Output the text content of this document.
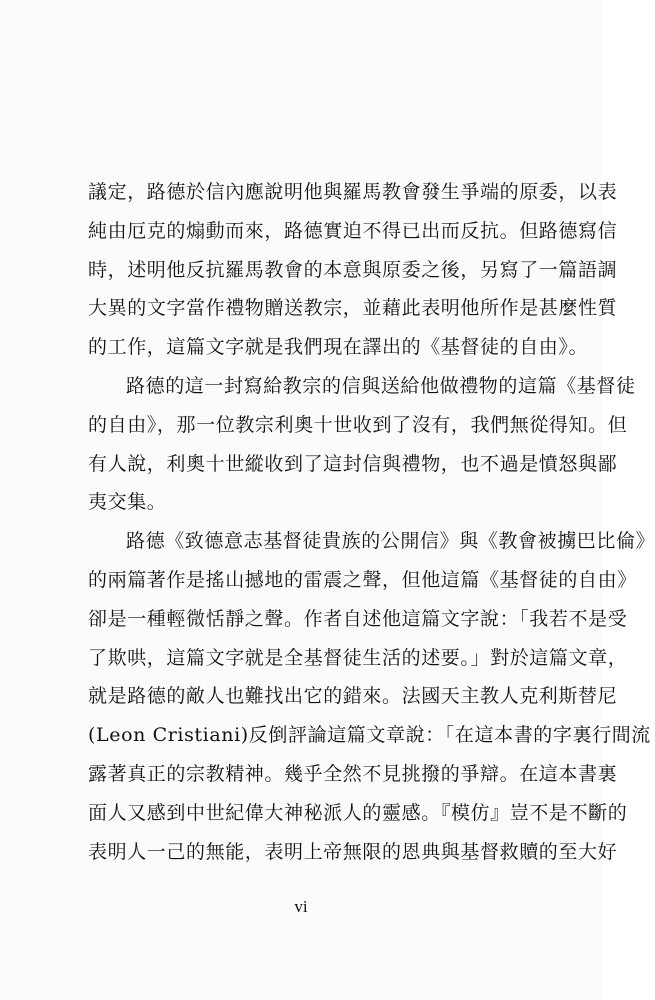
議定，路德於信內應說明他與羅馬教會發生爭端的原委，以表
純由厄克的煽動而來，路德實迫不得已出而反抗。但路德寫信
時，述明他反抗羅馬教會的本意與原委之後，另寫了一篇語調
大異的文字當作禮物贈送教宗，並藉此表明他所作是甚麼性質
的工作，這篇文字就是我們現在譯出的《基督徒的自由》。
路德的這一封寫給教宗的信與送給他做禮物的這篇《基督徒
的自由》，那一位教宗利奧十世收到了沒有，我們無從得知。但
有人說，利奧十世縱收到了這封信與禮物，也不過是憤怒與鄙
夷交集。
路德《致德意志基督徒貴族的公開信》與《教會被擄巴比倫》
的兩篇著作是搖山撼地的雷震之聲，但他這篇《基督徒的自由》
卻是一種輕微恬靜之聲。作者自述他這篇文字說：「我若不是受
了欺哄，這篇文字就是全基督徒生活的述要。」對於這篇文章，
就是路德的敵人也難找出它的錯來。法國天主教人克利斯替尼
(Leon Cristiani)反倒評論這篇文章說：「在這本書的字裏行間流
露著真正的宗教精神。幾乎全然不見挑撥的爭辯。在這本書裏
面人又感到中世紀偉大神秘派人的靈感。『模仿』豈不是不斷的
表明人一己的無能，表明上帝無限的恩典與基督救贖的至大好
vi
